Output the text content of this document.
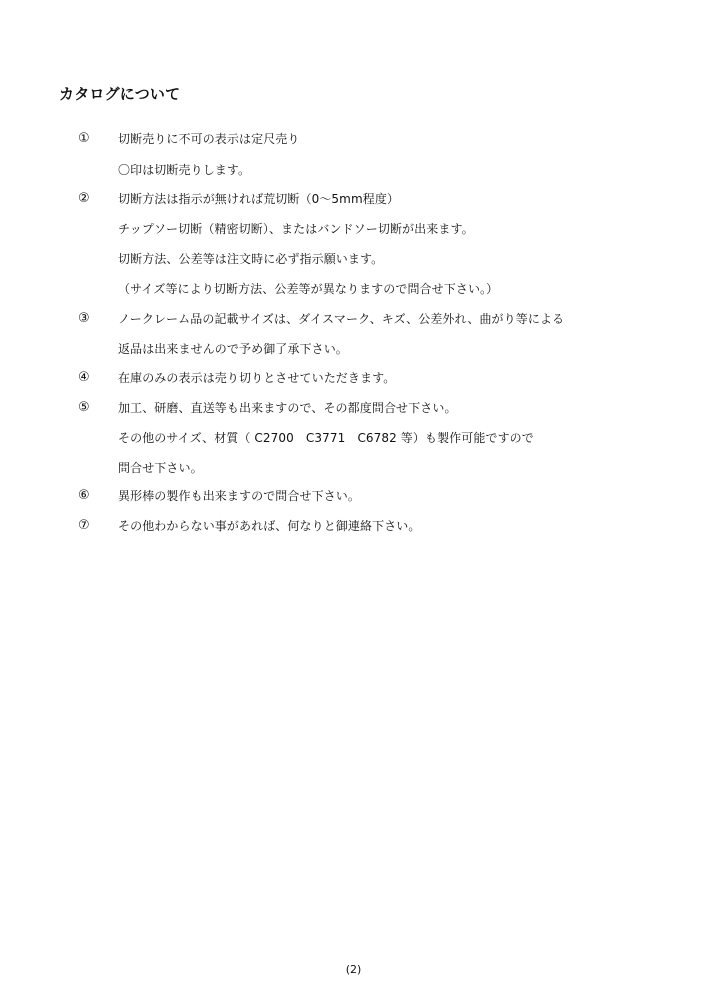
カタログについて
① 切断売りに不可の表示は定尺売り
〇印は切断売りします。
② 切断方法は指示が無ければ荒切断（0～5mm程度）
チップソー切断（精密切断）、またはバンドソー切断が出来ます。
切断方法、公差等は注文時に必ず指示願います。
（サイズ等により切断方法、公差等が異なりますので問合せ下さい。）
③ ノークレーム品の記載サイズは、ダイスマーク、キズ、公差外れ、曲がり等による
返品は出来ませんので予め御了承下さい。
④ 在庫のみの表示は売り切りとさせていただきます。
⑤ 加工、研磨、直送等も出来ますので、その都度問合せ下さい。
その他のサイズ、材質（ C2700　C3771　C6782 等）も製作可能ですので
問合せ下さい。
⑥ 異形棒の製作も出来ますので問合せ下さい。
⑦ その他わからない事があれば、何なりと御連絡下さい。
(2)
